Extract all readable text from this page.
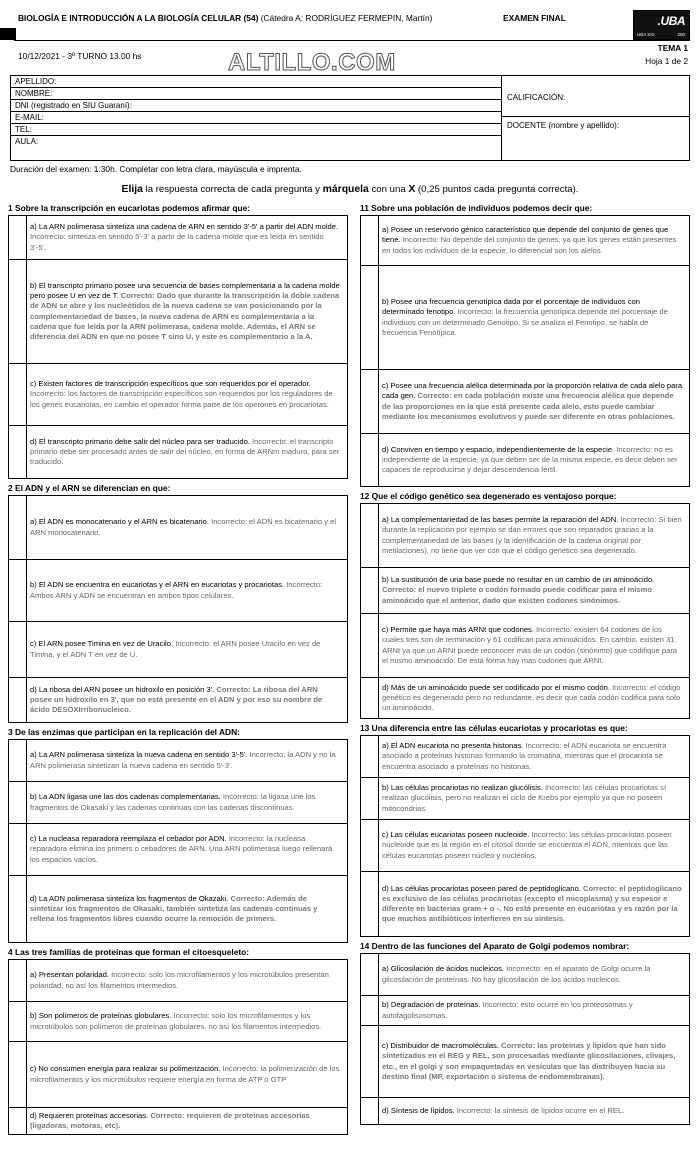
BIOLOGÍA E INTRODUCCIÓN A LA BIOLOGÍA CELULAR (54) (Cátedra A: RODRÍGUEZ FERMEPIN, Martín)	EXAMEN FINAL	.UBA
UBA XXI	200
10/12/2021 - 3º TURNO 13.00 hs	ALTILLO.COM
TEMA 1
Hoja 1 de 2
APELLIDO:
NOMBRE:
DNI (registrado en SIU Guaraní):
E-MAIL:
TEL:
AULA:
CALIFICACIÓN:
DOCENTE (nombre y apellido):
Duración del examen: 1:30h. Completar con letra clara, mayúscula e imprenta.
Elija la respuesta correcta de cada pregunta y márquela con una X (0,25 puntos cada pregunta correcta).
1 Sobre la transcripción en eucariotas podemos afirmar que:
a) La ARN polimerasa sintetiza una cadena de ARN en sentido 3'-5' a partir del ADN molde. Incorrecto: sintetiza en sentido 5'-3' a partir de la cadena molde que es leída en sentido 3'-5'.
b) El transcripto primario posee una secuencia de bases complementaria a la cadena molde pero posee U en vez de T. Correcto: Dado que durante la transcripción la doble cadena de ADN se abre y los nucleótidos de la nueva cadena se van posicionando por la complementariedad de bases, la nueva cadena de ARN es complementaria a la cadena que fue leída por la ARN polimerasa, cadena molde. Además, el ARN se diferencia del ADN en que no posee T sino U, y este es complementario a la A.
c) Existen factores de transcripción específicos que son requeridos por el operador. Incorrecto: los factores de transcripción específicos son requeridos por los reguladores de los genes eucariotas, en cambio el operador forma parte de los operones en procariotas.
d) El transcripto primario debe salir del núcleo para ser traducido. Incorrecto: el transcripto primario debe ser procesado antes de salir del núcleo, en forma de ARNm maduro, para ser traducido.
2 El ADN y el ARN se diferencian en que:
a) El ADN es monocatenario y el ARN es bicatenario. Incorrecto: el ADN es bicatenario y el ARN monocatenario.
b) El ADN se encuentra en eucariotas y el ARN en eucariotas y procariotas. Incorrecto: Ambos ARN y ADN se encuentran en ambos tipos celulares.
c) El ARN posee Timina en vez de Uracilo. Incorrecto: el ARN posee Uracilo en vez de Timina, y el ADN T en vez de U.
d) La ribosa del ARN posee un hidroxilo en posición 3'. Correcto: La ribosa del ARN posee un hidroxilo en 3', que no está presente en el ADN y por eso su nombre de ácido DESOXIrribonucleico.
3 De las enzimas que participan en la replicación del ADN:
a) La ARN polimerasa sintetiza la nueva cadena en sentido 3'-5'. Incorrecto: la ADN y no la ARN polimerasa sintetizan la nueva cadena en sentido 5'-3'.
b) La ADN ligasa une las dos cadenas complementarias. Incorrecto: la ligasa une los fragmentos de Okasaki y las cadenas continuas con las cadenas discontinuas.
c) La nucleasa reparadora reemplaza el cebador por ADN. Incorrecto: la nucleasa reparadora elimina los primers o cebadores de ARN. Una ARN polimerasa luego rellenará los espacios vacíos.
d) La ADN polimerasa sintetiza los fragmentos de Okazaki. Correcto: Además de sintetizar los fragmentos de Okasaki, también sintetiza las cadenas continuas y rellena los fragmentos libres cuando ocurre la remoción de primers.
4 Las tres familias de proteínas que forman el citoesqueleto:
a) Presentan polaridad. Incorrecto: solo los microfilamentos y los microtúbulos presentan polaridad, no así los filamentos intermedios.
b) Son polímeros de proteínas globulares. Incorrecto: solo los microfilamentos y los microtúbulos son polímeros de proteínas globulares, no así los filamentos intermedios.
c) No consumen energía para realizar su polimerización. Incorrecto: la polimerización de los microfilamentos y los microtúbulos requiere energía en forma de ATP o GTP
d) Requieren proteínas accesorias. Correcto: requieren de proteínas accesorias (ligadoras, motoras, etc).
11 Sobre una población de individuos podemos decir que:
a) Posee un reservorio génico característico que depende del conjunto de genes que tiene. Incorrecto: No depende del conjunto de genes, ya que los genes están presentes en todos los individuos de la especie, lo diferencial son los alelos.
b) Posee una frecuencia genotípica dada por el porcentaje de individuos con determinado fenotipo. Incorrecto: la frecuencia genotípica depende del porcentaje de individuos con un determinado Genotipo. Si se analiza el Fenotipo, se habla de frecuencia Fenotípica.
c) Posee una frecuencia alélica determinada por la proporción relativa de cada alelo para cada gen. Correcto: en cada población existe una frecuencia alélica que depende de las proporciones en la que está presente cada alelo, esto puede cambiar mediante los mecanismos evolutivos y puede ser diferente en otras poblaciones.
d) Conviven en tiempo y espacio, independientemente de la especie. Incorrecto: no es independiente de la especie, ya que deben ser de la misma especie, es decir deben ser capaces de reproducirse y dejar descendencia fértil.
12 Que el código genético sea degenerado es ventajoso porque:
a) La complementariedad de las bases permite la reparación del ADN. Incorrecto: Si bien durante la replicación por ejemplo se dan errores que son reparados gracias a la complementariedad de las bases (y la identificación de la cadena original por metilaciones), no tiene que ver con que el código genético sea degenerado.
b) La sustitución de una base puede no resultar en un cambio de un aminoácido. Correcto: el nuevo triplete o codón formado puede codificar para el mismo aminoácido que el anterior, dado que existen codones sinónimos.
c) Permite que haya más ARNt que codones. Incorrecto: existen 64 codones de los cuales tres son de terminación y 61 codifican para aminoácidos. En cambio, existen 31 ARNt ya que un ARNt puede reconocer más de un codón (sinónimo) que codifique para el mismo aminoácido. De esta forma hay más codones que ARNt.
d) Más de un aminoácido puede ser codificado por el mismo codón. Incorrecto: el código genético es degenerado pero no redundante, es decir que cada codón codifica para solo un aminoácido.
13 Una diferencia entre las células eucariotas y procariotas es que:
a) El ADN eucariota no presenta histonas. Incorrecto: el ADN eucariota se encuentra asociado a proteínas histonas formando la cromatina, mientras que el procariota se encuentra asociado a proteínas no histonas.
b) Las células procariotas no realizan glucólisis. Incorrecto: las células procariotas sí realizan glucólisis, pero no realizan el ciclo de Krebs por ejemplo ya que no poseen mitocondrias.
c) Las células eucariotas poseen nucleoide. Incorrecto: las células procariotas poseen nucleoide que es la región en el citosol donde se encuentra el ADN, mientras que las células eucariotas poseen núcleo y nucléolos.
d) Las células procariotas poseen pared de peptidoglicano. Correcto: el peptidoglicano es exclusivo de las células procariotas (excepto el micoplasma) y su espesor e diferente en bacterias gram + o -. No está presente en eucariotas y es razón por la que muchos antibióticos interfieren en su síntesis.
14 Dentro de las funciones del Aparato de Golgi podemos nombrar:
a) Glicosilación de ácidos nucleicos. Incorrecto: en el aparato de Golgi ocurre la glicosilación de proteínas. No hay glicosilación de los ácidos nucleicos.
b) Degradación de proteínas. Incorrecto: esto ocurre en los proteosomas y autofagolisosomas.
c) Distribuidor de macromoléculas. Correcto: las proteínas y lípidos que han sido sintetizados en el REG y REL, son procesadas mediante glicosilaciones, clivajes, etc., en el golgi y son empaquetadas en vesículas que las distribuyen hacia su destino final (MP, exportación o sistema de endomembranas).
d) Síntesis de lípidos. Incorrecto: la síntesis de lípidos ocurre en el REL.
